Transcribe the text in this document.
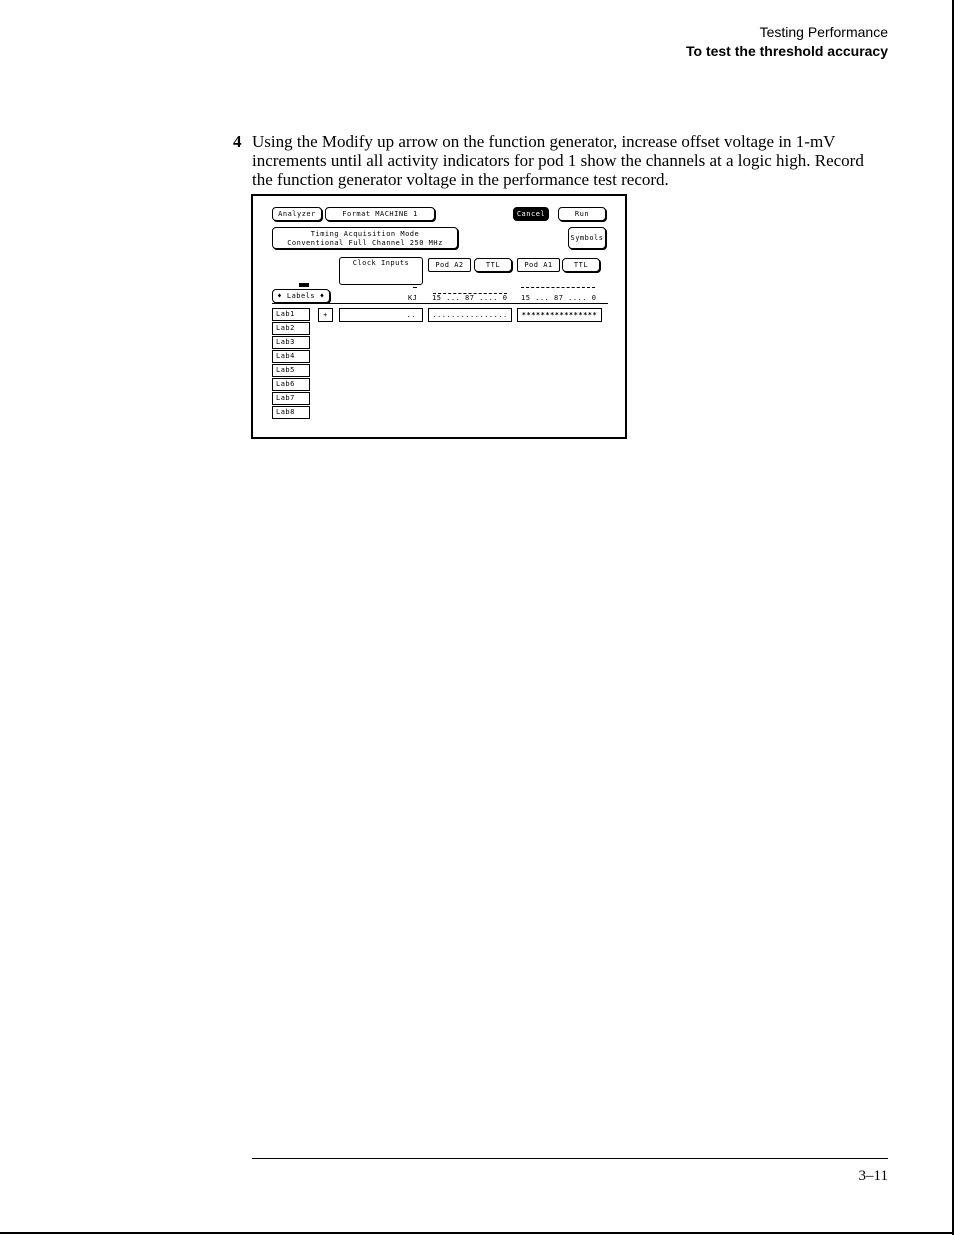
Testing Performance
To test the threshold accuracy
4 Using the Modify up arrow on the function generator, increase offset voltage in 1-mV increments until all activity indicators for pod 1 show the channels at a logic high. Record the function generator voltage in the performance test record.
Analyzer	Format MACHINE 1	Cancel	Run
Timing Acquisition Mode
Conventional Full Channel 250 MHz
Symbols
Clock Inputs	Pod A2	TTL	Pod A1	TTL
♦ Labels ♦	KJ 15 ... 87 .... 0 15 ... 87 .... 0
+	..	................	****************
Lab1
Lab2
Lab3
Lab4
Lab5
Lab6
Lab7
Lab8
3–11
